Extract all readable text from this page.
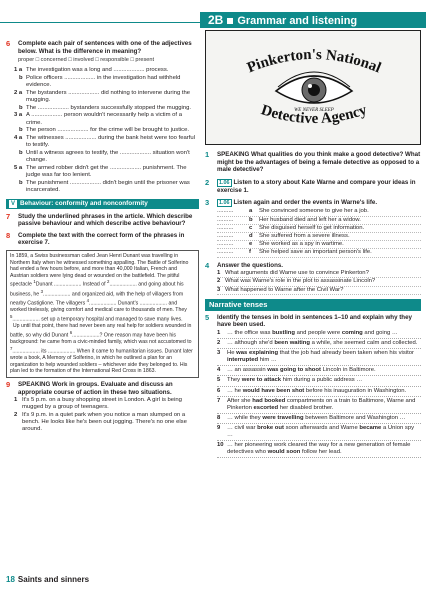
2B Grammar and listening
6 Complete each pair of sentences with one of the adjectives below. What is the difference in meaning?
proper □ concerned □ involved □ responsible □ present
1 a The investigation was a long and ................... process.
b Police officers ................... in the investigation had withheld evidence.
2 a The bystanders ................... did nothing to intervene during the mugging.
b The ................... bystanders successfully stopped the mugging.
3 a A ................... person wouldn't necessarily help a victim of a crime.
b The person ................... for the crime will be brought to justice.
4 a The witnesses ................... during the bank heist were too fearful to testify.
b Until a witness agrees to testify, the ................... situation won't change.
5 a The armed robber didn't get the ................... punishment. The judge was far too lenient.
b The punishment ................... didn't begin until the prisoner was incarcerated.
V Behaviour: conformity and nonconformity
7 Study the underlined phrases in the article. Which describe passive behaviour and which describe active behaviour?
8 Complete the text with the correct form of the phrases in exercise 7.
In 1859, a Swiss businessman called Jean Henri Dunant was travelling in Northern Italy when he witnessed something appalling. The Battle of Solferino had ended a few hours before, and more than 40,000 Italian, French and Austrian soldiers were lying dead or wounded on the battlefield. The pitiful spectacle $^1$Dunant ................... Instead of $^2$................... and going about his business, he $^3$................... and organized aid, with the help of villagers from nearby Castiglione. The villagers $^4$................... Dunant's ................... and worked tirelessly, giving comfort and medical care to thousands of men. They $^5$................... set up a temporary hospital and managed to save many lives.
Up until that point, there had never been any real help for soldiers wounded in battle, so why did Dunant $^6$...................? One reason may have been his background: he came from a civic-minded family, which was not accustomed to $^7$................... its ................... When it came to humanitarian issues. Dunant later wrote a book, A Memory of Solferino, in which he outlined a plan for an organization to help wounded soldiers – whichever side they belonged to. His plan led to the formation of the International Red Cross in 1863.
9 SPEAKING Work in groups. Evaluate and discuss an appropriate course of action in these two situations.
1 It's 5 p.m. on a busy shopping street in London. A girl is being mugged by a group of teenagers.
2 It's 9 p.m. in a quiet park when you notice a man slumped on a bench. He looks like he's been out jogging. There's no one else around.
18 Saints and sinners
Pinkerton's National
Detective Agency
WE NEVER SLEEP
1 SPEAKING What qualities do you think make a good detective? What might be the advantages of being a female detective as opposed to a male detective?
2 1.06 Listen to a story about Kate Warne and compare your ideas in exercise 1.
3 1.06 Listen again and order the events in Warne's life.
..........	a She convinced someone to give her a job.
..........	b Her husband died and left her a widow.
..........	c She disguised herself to get information.
..........	d She suffered from a severe illness.
..........	e She worked as a spy in wartime.
..........	f She helped save an important person's life.
4 Answer the questions.
1 What arguments did Warne use to convince Pinkerton?
2 What was Warne's role in the plot to assassinate Lincoln?
3 What happened to Warne after the Civil War?
Narrative tenses
5 Identify the tenses in bold in sentences 1–10 and explain why they have been used.
1 … the office was bustling and people were coming and going …
2 … although she'd been waiting a while, she seemed calm and collected.
3 He was explaining that the job had already been taken when his visitor interrupted him …
4 … an assassin was going to shoot Lincoln in Baltimore.
5 They were to attack him during a public address …
6 … he would have been shot before his inauguration in Washington.
7 After she had booked compartments on a train to Baltimore, Warne and Pinkerton escorted her disabled brother.
8 … while they were travelling between Baltimore and Washington …
9 … civil war broke out soon afterwards and Warne became a Union spy …
10 … her pioneering work cleared the way for a new generation of female detectives who would soon follow her lead.
